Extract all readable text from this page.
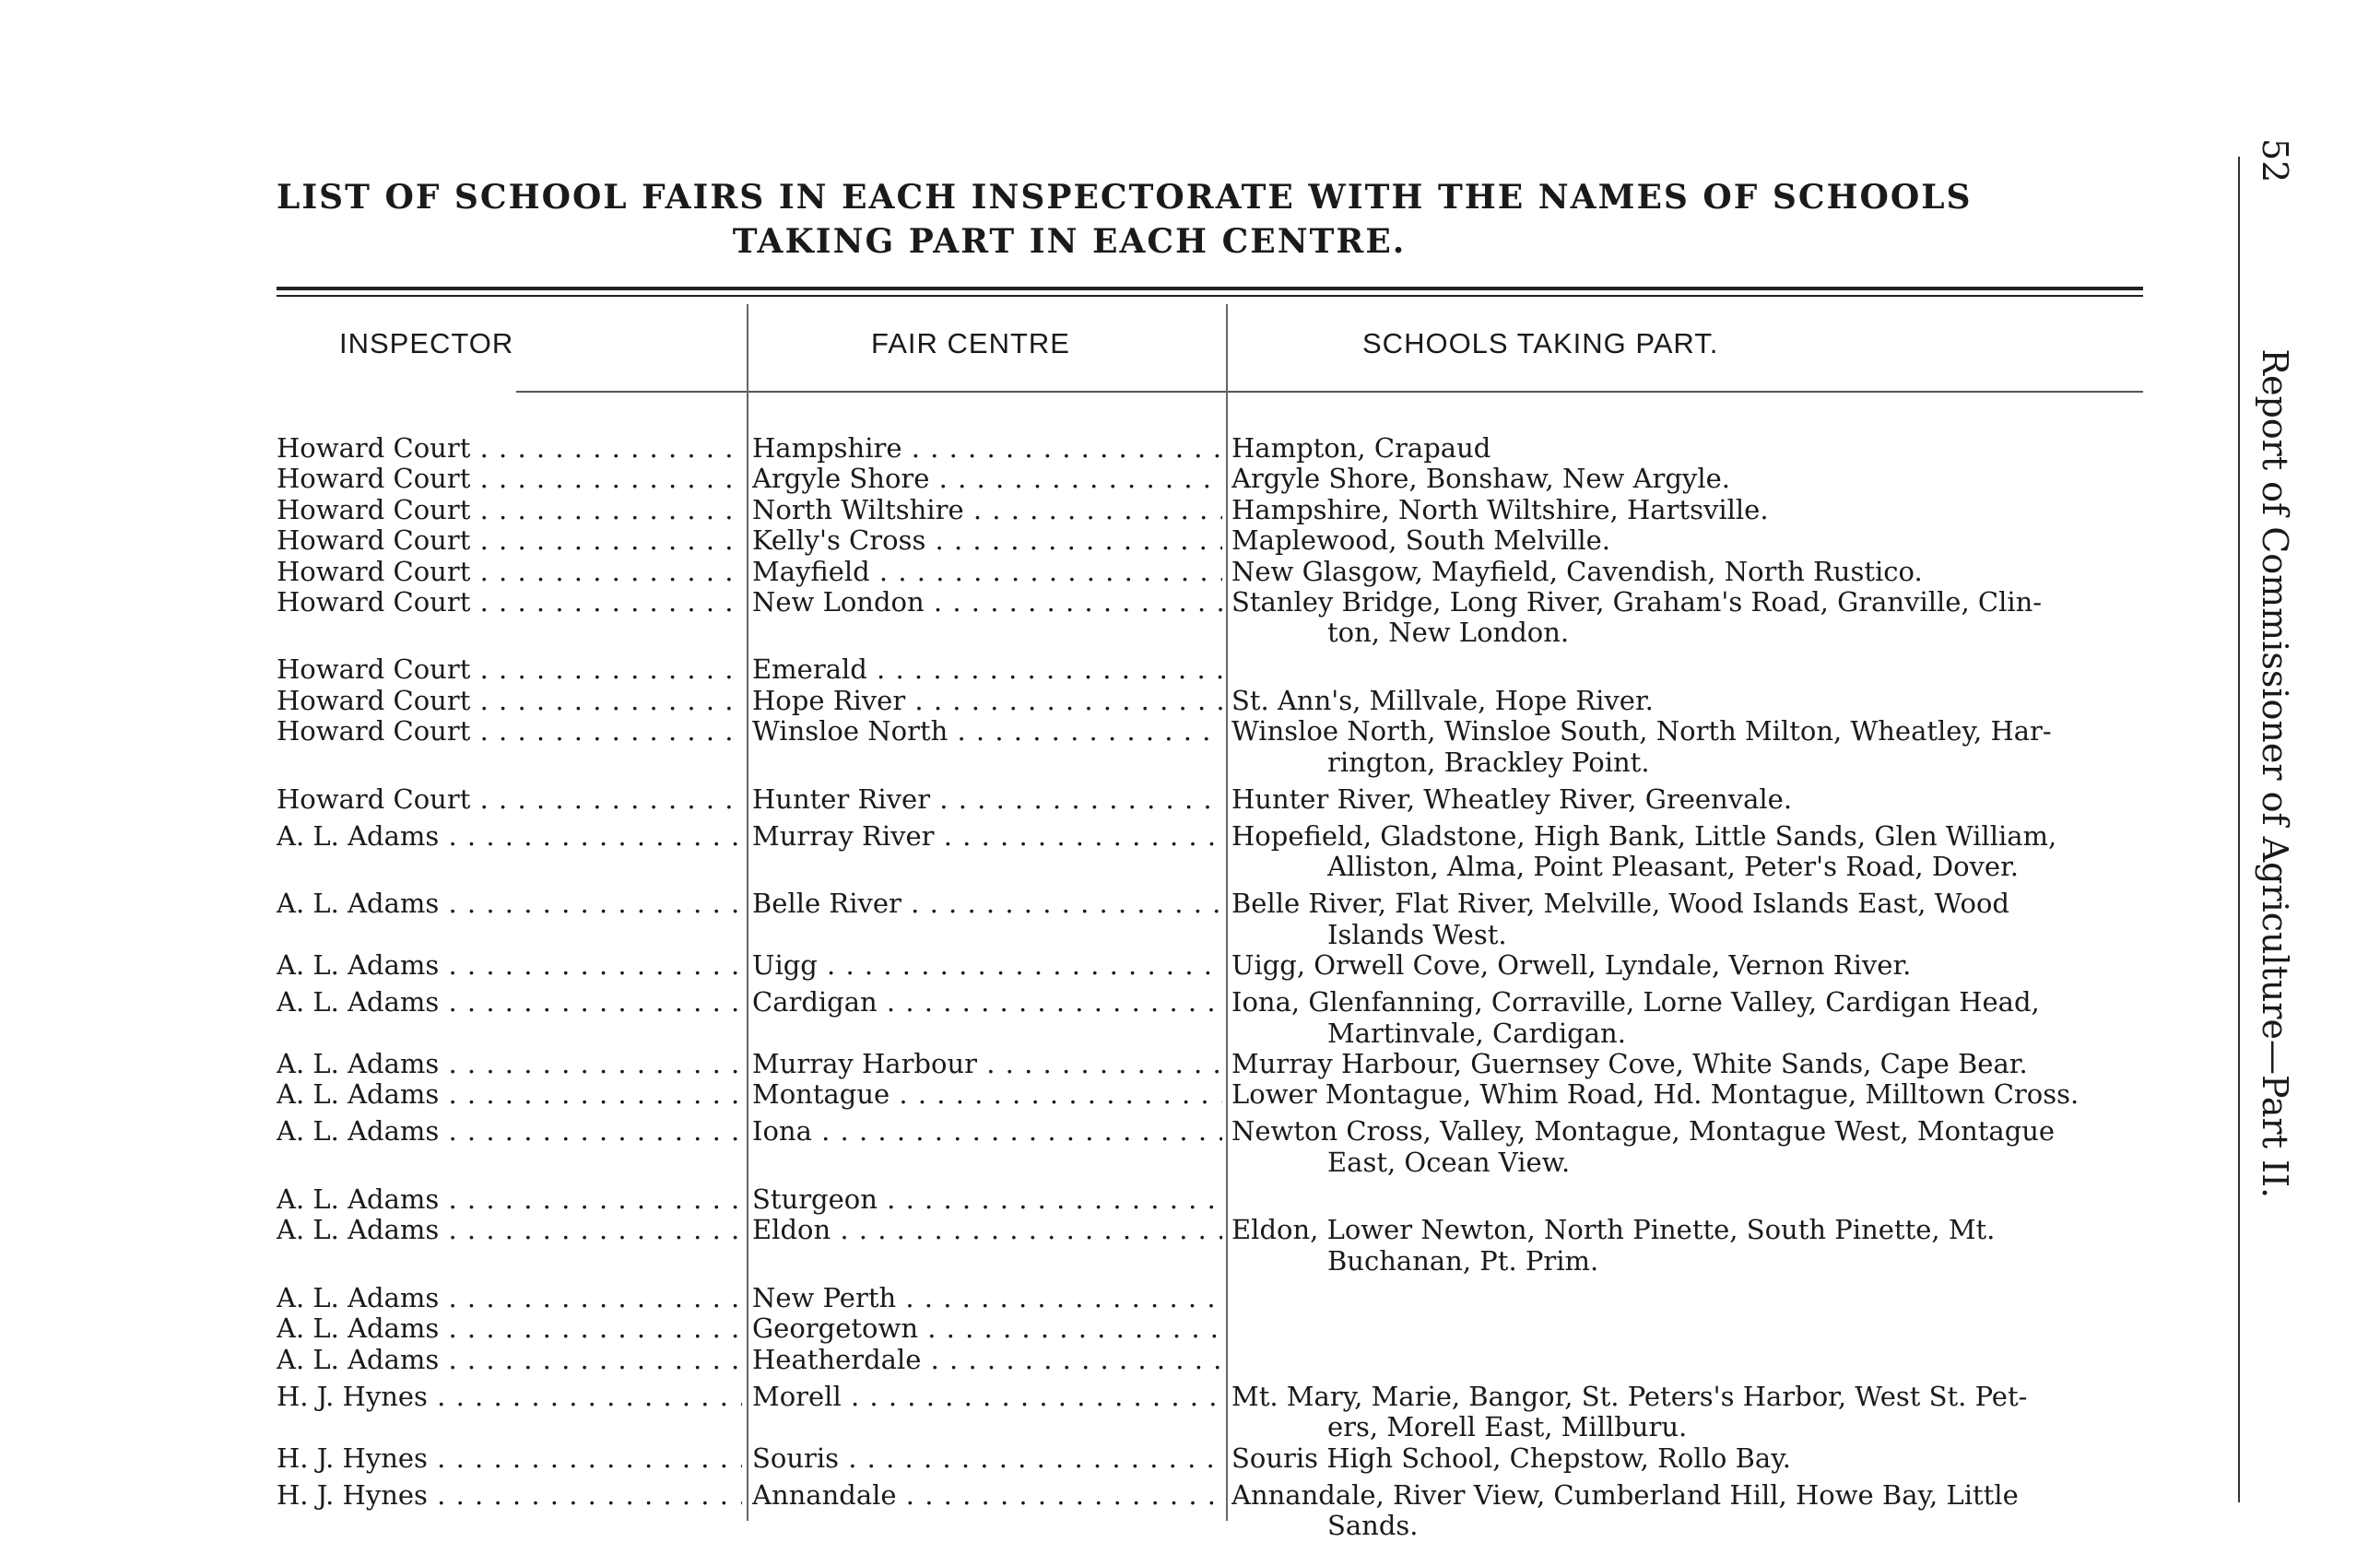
LIST OF SCHOOL FAIRS IN EACH INSPECTORATE WITH THE NAMES OF SCHOOLS
TAKING PART IN EACH CENTRE.
INSPECTOR	FAIR CENTRE	SCHOOLS TAKING PART.
Howard Court . . .	Hampshire . . .	Hampton, Crapaud
Howard Court . . .	Argyle Shore . . .	Argyle Shore, Bonshaw, New Argyle.
Howard Court . . .	North Wiltshire . . .	Hampshire, North Wiltshire, Hartsville.
Howard Court . . .	Kelly's Cross . . .	Maplewood, South Melville.
Howard Court . . .	Mayfield . . .	New Glasgow, Mayfield, Cavendish, North Rustico.
Howard Court . . .	New London . . .	Stanley Bridge, Long River, Graham's Road, Granville, Clin-
ton, New London.
Howard Court . . .	Emerald . . .
Howard Court . . .	Hope River . . .	St. Ann's, Millvale, Hope River.
Howard Court . . .	Winsloe North . . .	Winsloe North, Winsloe South, North Milton, Wheatley, Har-
rington, Brackley Point.
Howard Court . . .	Hunter River . . .	Hunter River, Wheatley River, Greenvale.
A. L. Adams . . .	Murray River . . .	Hopefield, Gladstone, High Bank, Little Sands, Glen William,
Alliston, Alma, Point Pleasant, Peter's Road, Dover.
A. L. Adams . . .	Belle River . . .	Belle River, Flat River, Melville, Wood Islands East, Wood
Islands West.
A. L. Adams . . .	Uigg . . .	Uigg, Orwell Cove, Orwell, Lyndale, Vernon River.
A. L. Adams . . .	Cardigan . . .	Iona, Glenfanning, Corraville, Lorne Valley, Cardigan Head,
Martinvale, Cardigan.
A. L. Adams . . .	Murray Harbour . . .	Murray Harbour, Guernsey Cove, White Sands, Cape Bear.
A. L. Adams . . .	Montague . . .	Lower Montague, Whim Road, Hd. Montague, Milltown Cross.
A. L. Adams . . .	Iona . . .	Newton Cross, Valley, Montague, Montague West, Montague
East, Ocean View.
A. L. Adams . . .	Sturgeon . . .
A. L. Adams . . .	Eldon . . .	Eldon, Lower Newton, North Pinette, South Pinette, Mt.
Buchanan, Pt. Prim.
A. L. Adams . . .	New Perth . . .
A. L. Adams . . .	Georgetown . . .
A. L. Adams . . .	Heatherdale . . .
H. J. Hynes . . .	Morell . . .	Mt. Mary, Marie, Bangor, St. Peters's Harbor, West St. Pet-
ers, Morell East, Millburu.
H. J. Hynes . . .	Souris . . .	Souris High School, Chepstow, Rollo Bay.
H. J. Hynes . . .	Annandale . . .	Annandale, River View, Cumberland Hill, Howe Bay, Little
Sands.
52Report of Commissioner of Agriculture—Part II.
